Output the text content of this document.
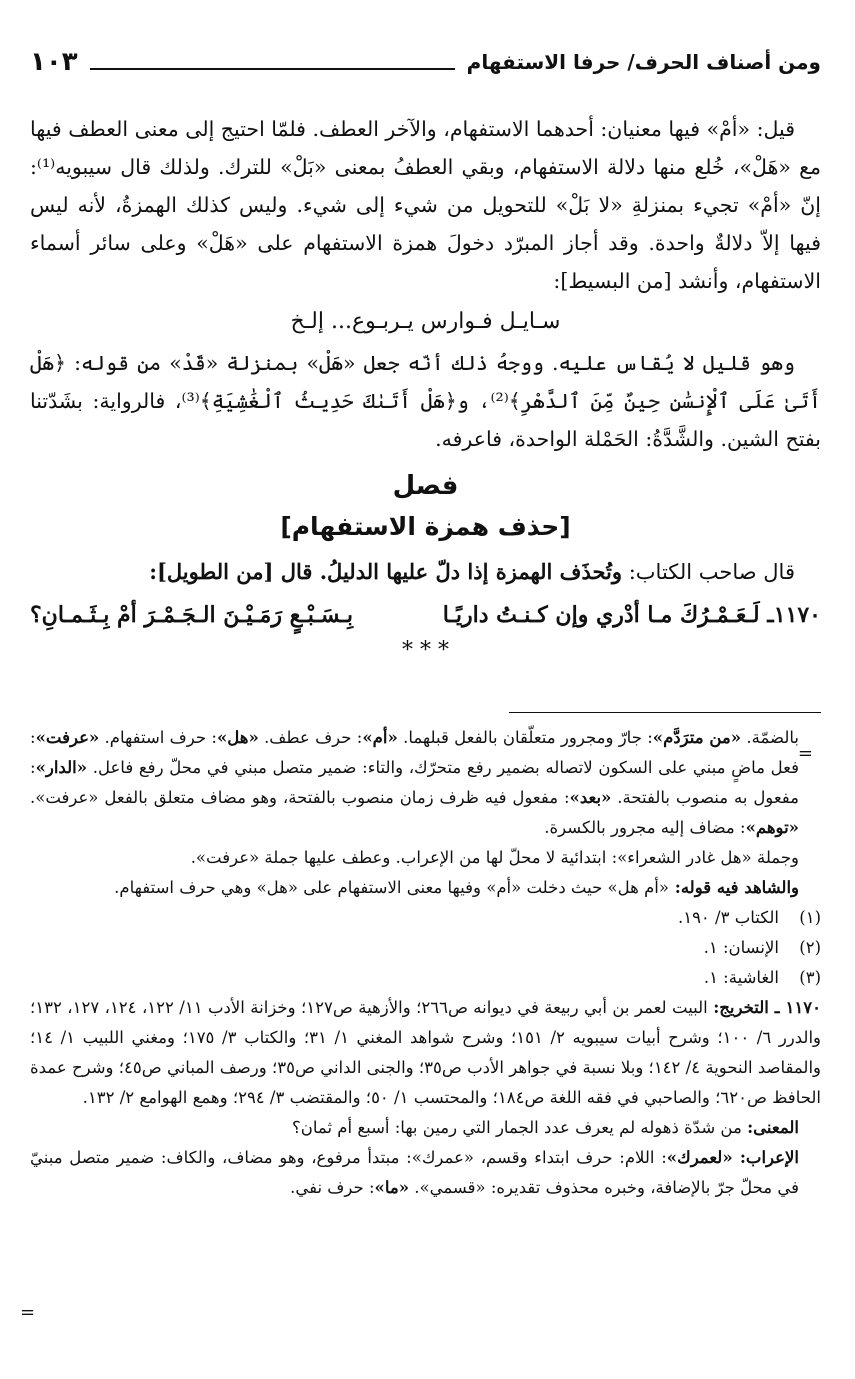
ومن أصناف الحرف/ حرفا الاستفهام
١٠٣

قيل: «أمْ» فيها معنيان: أحدهما الاستفهام، والآخر العطف. فلمّا احتيج إلى معنى العطف فيها مع «هَلْ»، خُلع منها دلالة الاستفهام، وبقي العطفُ بمعنى «بَلْ» للترك. ولذلك قال سيبويه⁽¹⁾: إنّ «أمْ» تجيء بمنزلةِ «لا بَلْ» للتحويل من شيء إلى شيء. وليس كذلك الهمزةُ، لأنه ليس فيها إلاّ دلالةٌ واحدة. وقد أجاز المبرّد دخولَ همزة الاستفهام على «هَلْ» وعلى سائر أسماء الاستفهام، وأنشد [من البسيط]:

سـايـل فـوارس يـربـوع... إلـخ

وهو قليل لا يُقاس عليه. ووجهُ ذلك أنّه جعل «هَلْ» بمنزلة «قَدْ» من قوله: ﴿هَلْ أَتَىٰ عَلَى ٱلْإِنسَٰنِ حِينٌ مِّنَ ٱلدَّهْرِ﴾⁽²⁾، و﴿هَلْ أَتَىٰكَ حَدِيثُ ٱلْغَٰشِيَةِ﴾⁽³⁾، فالرواية: بشَدّتنا بفتح الشين. والشَّدَّةُ: الحَمْلة الواحدة، فاعرفه.

فصل
[حذف همزة الاستفهام]
قال صاحب الكتاب: وتُحذَف الهمزة إذا دلّ عليها الدليلُ. قال [من الطويل]:
١١٧٠ـ لَـعَـمْـرُكَ مـا أدْري وإن كـنـتُ داريًـا
بِـسَـبْـعٍ رَمَـيْـنَ الـجَـمْـرَ أمْ بِـثَـمـانِ؟
* * *

بالضمّة. «من مترَدَّم»: جارّ ومجرور متعلّقان بالفعل قبلهما. «أم»: حرف عطف. «هل»: حرف استفهام. «عرفت»: فعل ماضٍ مبني على السكون لاتصاله بضمير رفع متحرّك، والتاء: ضمير متصل مبني في محلّ رفع فاعل. «الدار»: مفعول به منصوب بالفتحة. «بعد»: مفعول فيه ظرف زمان منصوب بالفتحة، وهو مضاف متعلق بالفعل «عرفت». «توهم»: مضاف إليه مجرور بالكسرة.

وجملة «هل غادر الشعراء»: ابتدائية لا محلّ لها من الإعراب. وعطف عليها جملة «عرفت».

والشاهد فيه قوله: «أم هل» حيث دخلت «أم» وفيها معنى الاستفهام على «هل» وهي حرف استفهام.

(١)
الكتاب ٣/ ١٩٠.
(٢)
الإنسان: ١.
(٣)
الغاشية: ١.

١١٧٠ ـ التخريج: البيت لعمر بن أبي ربيعة في ديوانه ص٢٦٦؛ والأزهية ص١٢٧؛ وخزانة الأدب ١١/ ١٢٢، ١٢٤، ١٢٧، ١٣٢؛ والدرر ٦/ ١٠٠؛ وشرح أبيات سيبويه ٢/ ١٥١؛ وشرح شواهد المغني ١/ ٣١؛ والكتاب ٣/ ١٧٥؛ ومغني اللبيب ١/ ١٤؛ والمقاصد النحوية ٤/ ١٤٢؛ وبلا نسبة في جواهر الأدب ص٣٥؛ والجنى الداني ص٣٥؛ ورصف المباني ص٤٥؛ وشرح عمدة الحافظ ص٦٢٠؛ والصاحبي في فقه اللغة ص١٨٤؛ والمحتسب ١/ ٥٠؛ والمقتضب ٣/ ٢٩٤؛ وهمع الهوامع ٢/ ١٣٢.

المعنى: من شدّة ذهوله لم يعرف عدد الجمار التي رمين بها: أسبع أم ثمان؟

الإعراب: «لعمرك»: اللام: حرف ابتداء وقسم، «عمرك»: مبتدأ مرفوع، وهو مضاف، والكاف: ضمير متصل مبنيّ في محلّ جرّ بالإضافة، وخبره محذوف تقديره: «قسمي». «ما»: حرف نفي.

=
=
